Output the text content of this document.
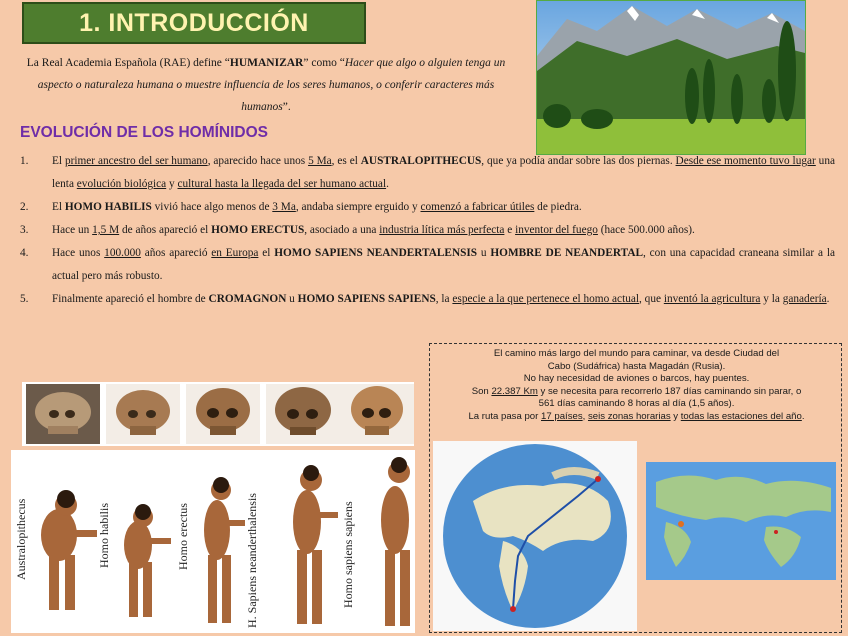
1. INTRODUCCIÓN
La Real Academia Española (RAE) define “HUMANIZAR” como “Hacer que algo o alguien tenga un aspecto o naturaleza humana o muestre influencia de los seres humanos, o conferir caracteres más humanos”.
EVOLUCIÓN DE LOS HOMÍNIDOS
1. El primer ancestro del ser humano, aparecido hace unos 5 Ma, es el AUSTRALOPITHECUS, que ya podía andar sobre las dos piernas. Desde ese momento tuvo lugar una lenta evolución biológica y cultural hasta la llegada del ser humano actual.
2. El HOMO HABILIS vivió hace algo menos de 3 Ma, andaba siempre erguido y comenzó a fabricar útiles de piedra.
3. Hace un 1,5 M de años apareció el HOMO ERECTUS, asociado a una industria lítica más perfecta e inventor del fuego (hace 500.000 años).
4. Hace unos 100.000 años apareció en Europa el HOMO SAPIENS NEANDERTALENSIS u HOMBRE DE NEANDERTAL, con una capacidad craneana similar a la actual pero más robusto.
5. Finalmente apareció el hombre de CROMAGNON u HOMO SAPIENS SAPIENS, la especie a la que pertenece el homo actual, que inventó la agricultura y la ganadería.
Australopithecus	Homo habilis	Homo erectus	H. Sapiens neanderthalensis	Homo sapiens sapiens
El camino más largo del mundo para caminar, va desde Ciudad del Cabo (Sudáfrica) hasta Magadán (Rusia).
No hay necesidad de aviones o barcos, hay puentes.
Son 22.387 Km y se necesita para recorrerlo 187 días caminando sin parar, o 561 días caminando 8 horas al día (1,5 años).
La ruta pasa por 17 países, seis zonas horarias y todas las estaciones del año.
